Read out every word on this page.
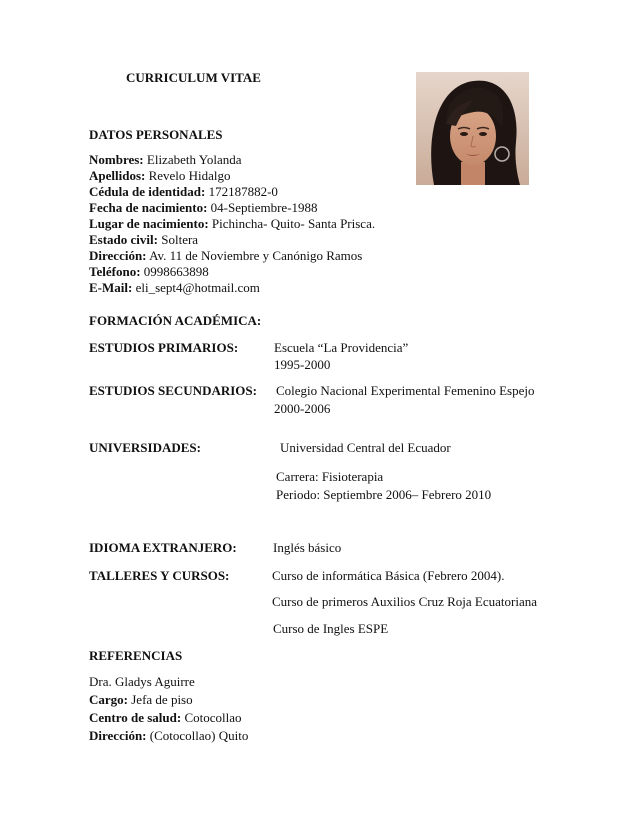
CURRICULUM VITAE
DATOS PERSONALES
Nombres: Elizabeth Yolanda
Apellidos: Revelo Hidalgo
Cédula de identidad: 172187882-0
Fecha de nacimiento: 04-Septiembre-1988
Lugar de nacimiento: Pichincha- Quito- Santa Prisca.
Estado civil: Soltera
Dirección: Av. 11 de Noviembre y Canónigo Ramos
Teléfono: 0998663898
E-Mail: eli_sept4@hotmail.com
FORMACIÓN ACADÉMICA:
ESTUDIOS PRIMARIOS:	Escuela “La Providencia”
1995-2000
ESTUDIOS SECUNDARIOS: Colegio Nacional Experimental Femenino Espejo
2000-2006
UNIVERSIDADES:	Universidad Central del Ecuador
Carrera: Fisioterapia
Periodo: Septiembre 2006– Febrero 2010
IDIOMA EXTRANJERO:	Inglés básico
TALLERES Y CURSOS:	Curso de informática Básica (Febrero 2004).
Curso de primeros Auxilios Cruz Roja Ecuatoriana
Curso de Ingles ESPE
REFERENCIAS
Dra. Gladys Aguirre
Cargo: Jefa de piso
Centro de salud: Cotocollao
Dirección: (Cotocollao) Quito
